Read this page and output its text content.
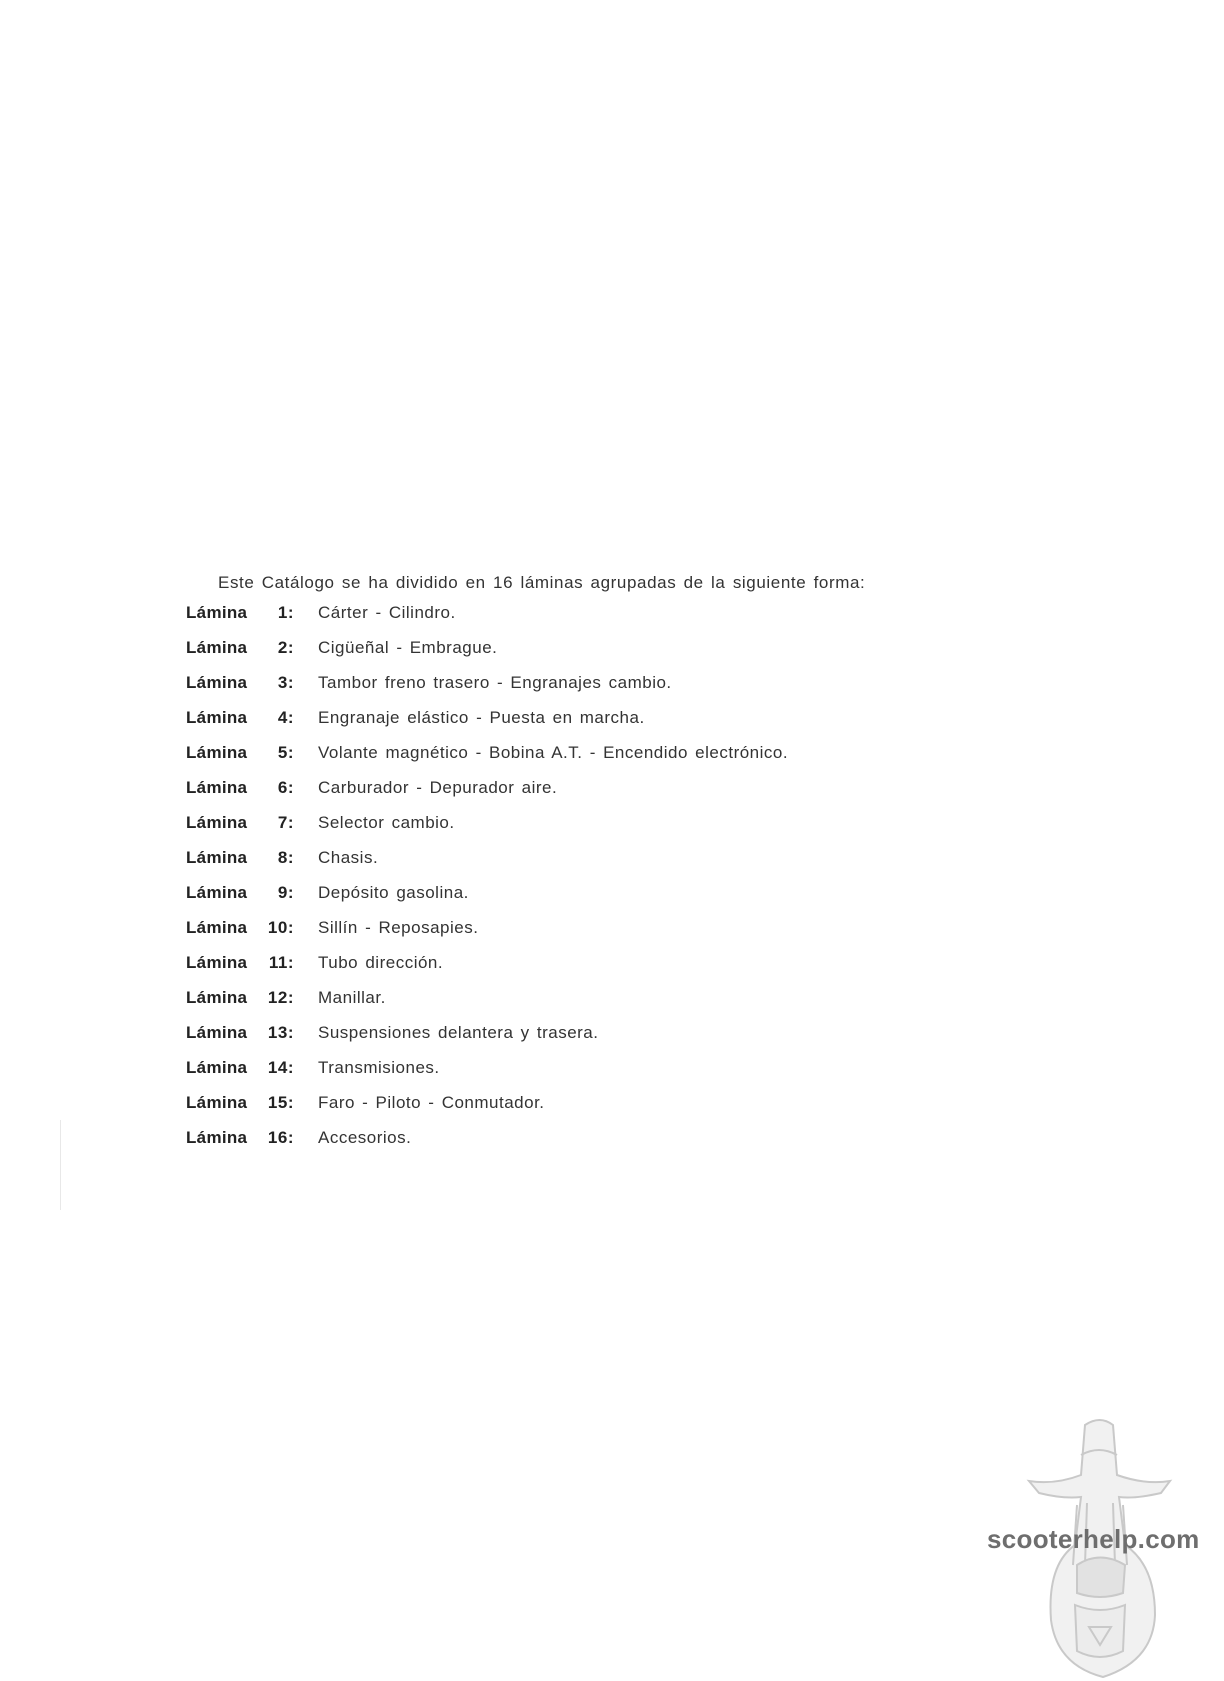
Este Catálogo se ha dividido en 16 láminas agrupadas de la siguiente forma:

Lámina	1 :	Cárter - Cilindro.
Lámina	2 :	Cigüeñal - Embrague.
Lámina	3 :	Tambor freno trasero - Engranajes cambio.
Lámina	4 :	Engranaje elástico - Puesta en marcha.
Lámina	5 :	Volante magnético - Bobina A.T. - Encendido electrónico.
Lámina	6 :	Carburador - Depurador aire.
Lámina	7 :	Selector cambio.
Lámina	8 :	Chasis.
Lámina	9 :	Depósito gasolina.
Lámina	10 :	Sillín - Reposapies.
Lámina	11 :	Tubo dirección.
Lámina	12 :	Manillar.
Lámina	13 :	Suspensiones delantera y trasera.
Lámina	14 :	Transmisiones.
Lámina	15 :	Faro - Piloto - Conmutador.
Lámina	16 :	Accesorios.
scooterhelp.com
